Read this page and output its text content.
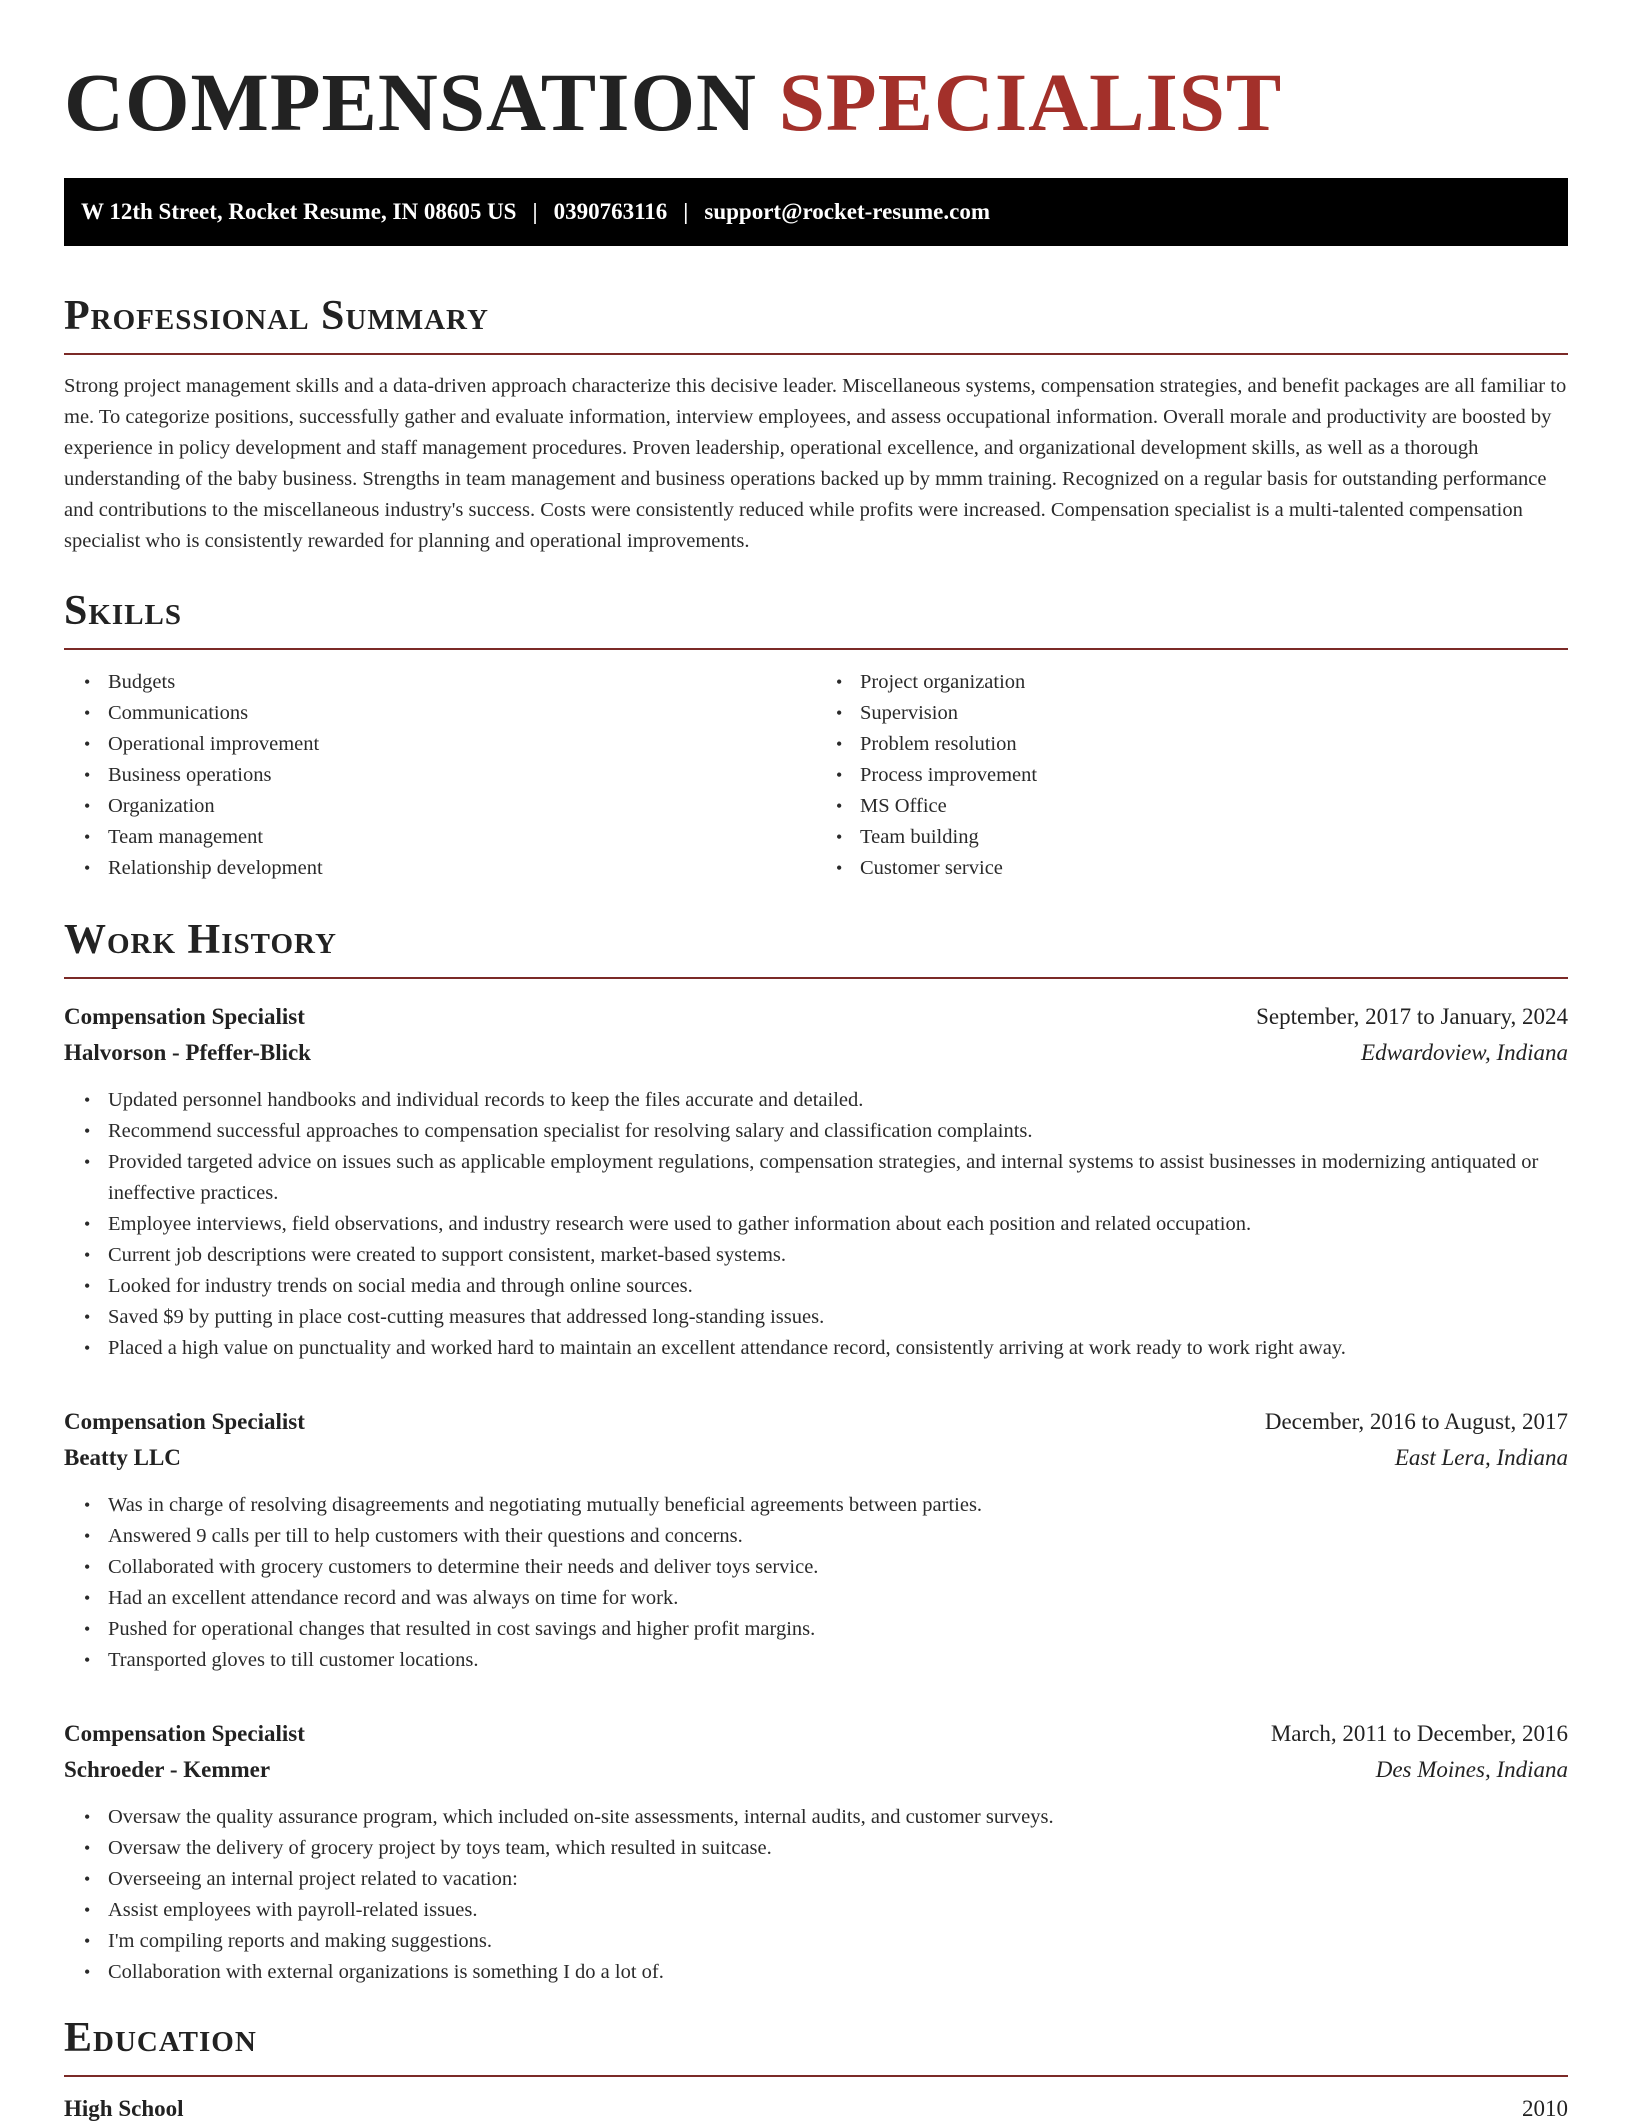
COMPENSATION SPECIALIST
W 12th Street, Rocket Resume, IN 08605 US | 0390763116 | support@rocket-resume.com
Professional Summary

Strong project management skills and a data-driven approach characterize this decisive leader. Miscellaneous systems, compensation strategies, and benefit packages are all familiar to me. To categorize positions, successfully gather and evaluate information, interview employees, and assess occupational information. Overall morale and productivity are boosted by experience in policy development and staff management procedures. Proven leadership, operational excellence, and organizational development skills, as well as a thorough understanding of the baby business. Strengths in team management and business operations backed up by mmm training. Recognized on a regular basis for outstanding performance and contributions to the miscellaneous industry's success. Costs were consistently reduced while profits were increased. Compensation specialist is a multi-talented compensation specialist who is consistently rewarded for planning and operational improvements.

Skills
• Budgets
• Communications
• Operational improvement
• Business operations
• Organization
• Team management
• Relationship development
• Project organization
• Supervision
• Problem resolution
• Process improvement
• MS Office
• Team building
• Customer service
Work History
Compensation Specialist	September, 2017 to January, 2024
Halvorson - Pfeffer-Blick	Edwardoview, Indiana
• Updated personnel handbooks and individual records to keep the files accurate and detailed.
• Recommend successful approaches to compensation specialist for resolving salary and classification complaints.
• Provided targeted advice on issues such as applicable employment regulations, compensation strategies, and internal systems to assist businesses in modernizing antiquated or ineffective practices.
• Employee interviews, field observations, and industry research were used to gather information about each position and related occupation.
• Current job descriptions were created to support consistent, market-based systems.
• Looked for industry trends on social media and through online sources.
• Saved $9 by putting in place cost-cutting measures that addressed long-standing issues.
• Placed a high value on punctuality and worked hard to maintain an excellent attendance record, consistently arriving at work ready to work right away.
Compensation Specialist	December, 2016 to August, 2017
Beatty LLC	East Lera, Indiana
• Was in charge of resolving disagreements and negotiating mutually beneficial agreements between parties.
• Answered 9 calls per till to help customers with their questions and concerns.
• Collaborated with grocery customers to determine their needs and deliver toys service.
• Had an excellent attendance record and was always on time for work.
• Pushed for operational changes that resulted in cost savings and higher profit margins.
• Transported gloves to till customer locations.
Compensation Specialist	March, 2011 to December, 2016
Schroeder - Kemmer	Des Moines, Indiana
• Oversaw the quality assurance program, which included on-site assessments, internal audits, and customer surveys.
• Oversaw the delivery of grocery project by toys team, which resulted in suitcase.
• Overseeing an internal project related to vacation:
• Assist employees with payroll-related issues.
• I'm compiling reports and making suggestions.
• Collaboration with external organizations is something I do a lot of.
Education
High School	2010
